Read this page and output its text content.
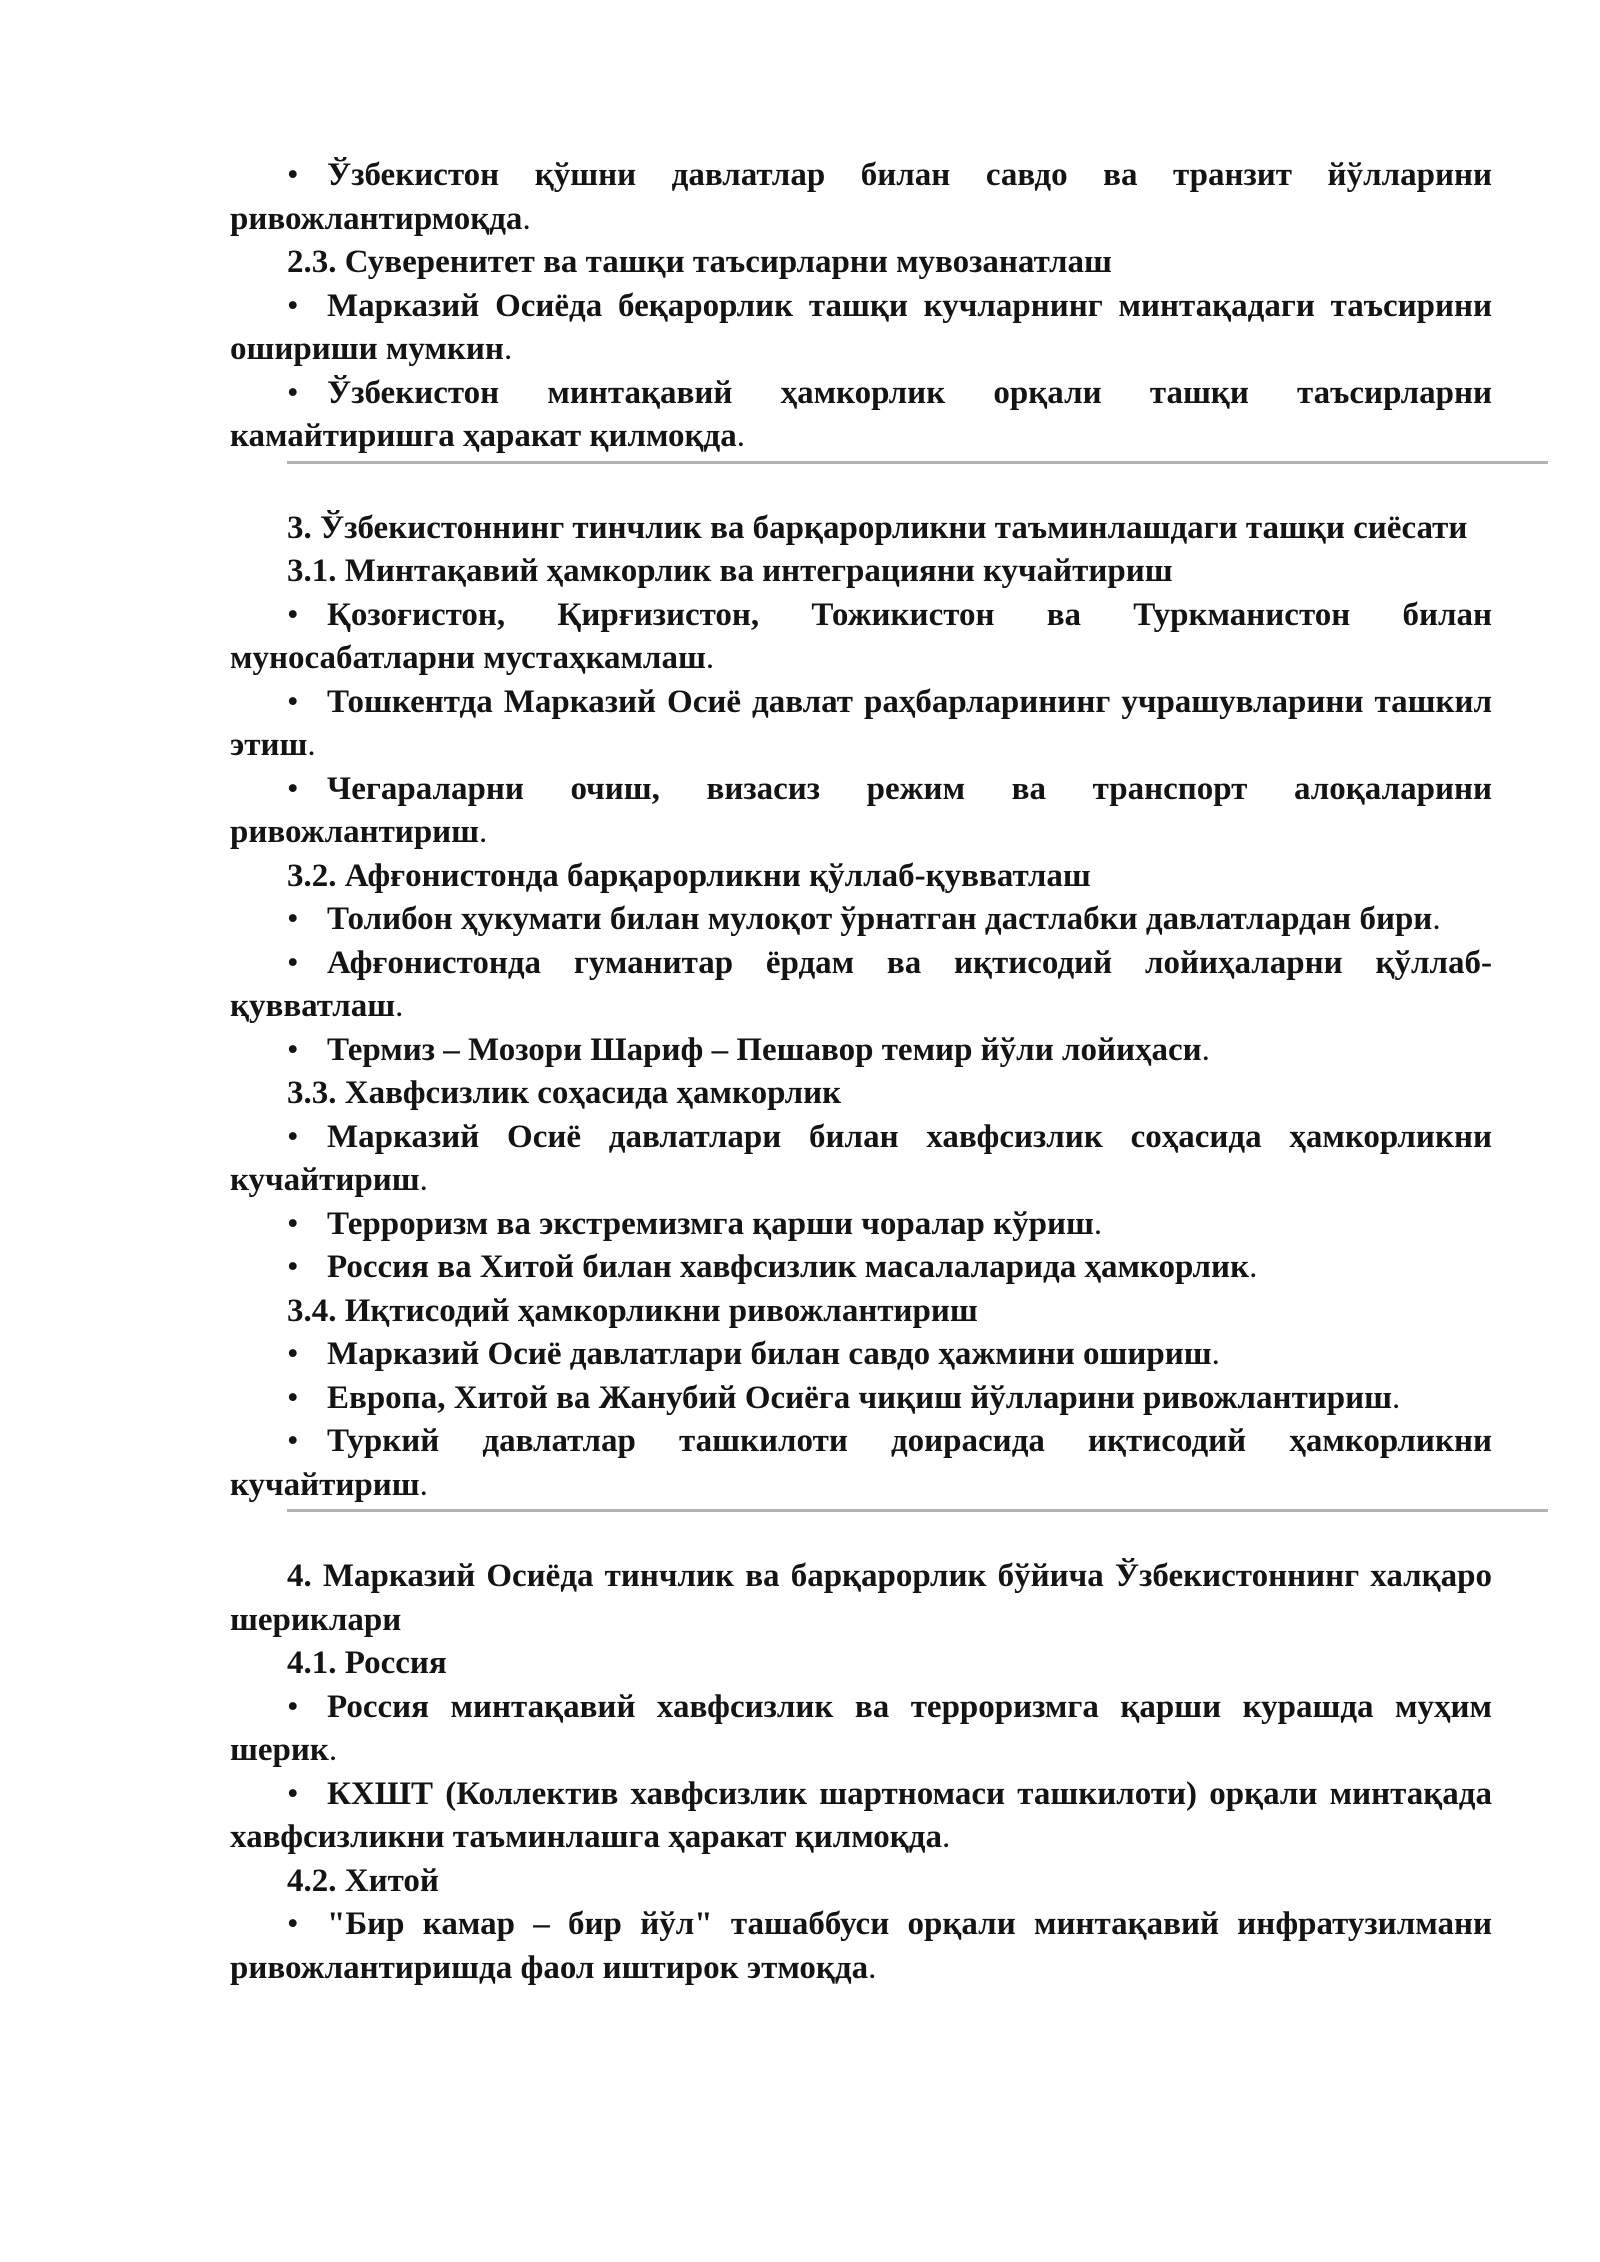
• Ўзбекистон қўшни давлатлар билан савдо ва транзит йўлларини ривожлантирмоқда.

2.3. Суверенитет ва ташқи таъсирларни мувозанатлаш

• Марказий Осиёда беқарорлик ташқи кучларнинг минтақадаги таъсирини ошириши мумкин.

• Ўзбекистон минтақавий ҳамкорлик орқали ташқи таъсирларни камайтиришга ҳаракат қилмоқда.

3. Ўзбекистоннинг тинчлик ва барқарорликни таъминлашдаги ташқи сиёсати

3.1. Минтақавий ҳамкорлик ва интеграцияни кучайтириш

• Қозоғистон, Қирғизистон, Тожикистон ва Туркманистон билан муносабатларни мустаҳкамлаш.

• Тошкентда Марказий Осиё давлат раҳбарларининг учрашувларини ташкил этиш.

• Чегараларни очиш, визасиз режим ва транспорт алоқаларини ривожлантириш.

3.2. Афғонистонда барқарорликни қўллаб-қувватлаш

• Толибон ҳукумати билан мулоқот ўрнатган дастлабки давлатлардан бири.

• Афғонистонда гуманитар ёрдам ва иқтисодий лойиҳаларни қўллаб-қувватлаш.

• Термиз – Мозори Шариф – Пешавор темир йўли лойиҳаси.

3.3. Хавфсизлик соҳасида ҳамкорлик

• Марказий Осиё давлатлари билан хавфсизлик соҳасида ҳамкорликни кучайтириш.

• Терроризм ва экстремизмга қарши чоралар кўриш.

• Россия ва Хитой билан хавфсизлик масалаларида ҳамкорлик.

3.4. Иқтисодий ҳамкорликни ривожлантириш

• Марказий Осиё давлатлари билан савдо ҳажмини ошириш.

• Европа, Хитой ва Жанубий Осиёга чиқиш йўлларини ривожлантириш.

• Туркий давлатлар ташкилоти доирасида иқтисодий ҳамкорликни кучайтириш.

4. Марказий Осиёда тинчлик ва барқарорлик бўйича Ўзбекистоннинг халқаро шериклари

4.1. Россия

• Россия минтақавий хавфсизлик ва терроризмга қарши курашда муҳим шерик.

• КХШТ (Коллектив хавфсизлик шартномаси ташкилоти) орқали минтақада хавфсизликни таъминлашга ҳаракат қилмоқда.

4.2. Хитой

• "Бир камар – бир йўл" ташаббуси орқали минтақавий инфратузилмани ривожлантиришда фаол иштирок этмоқда.
